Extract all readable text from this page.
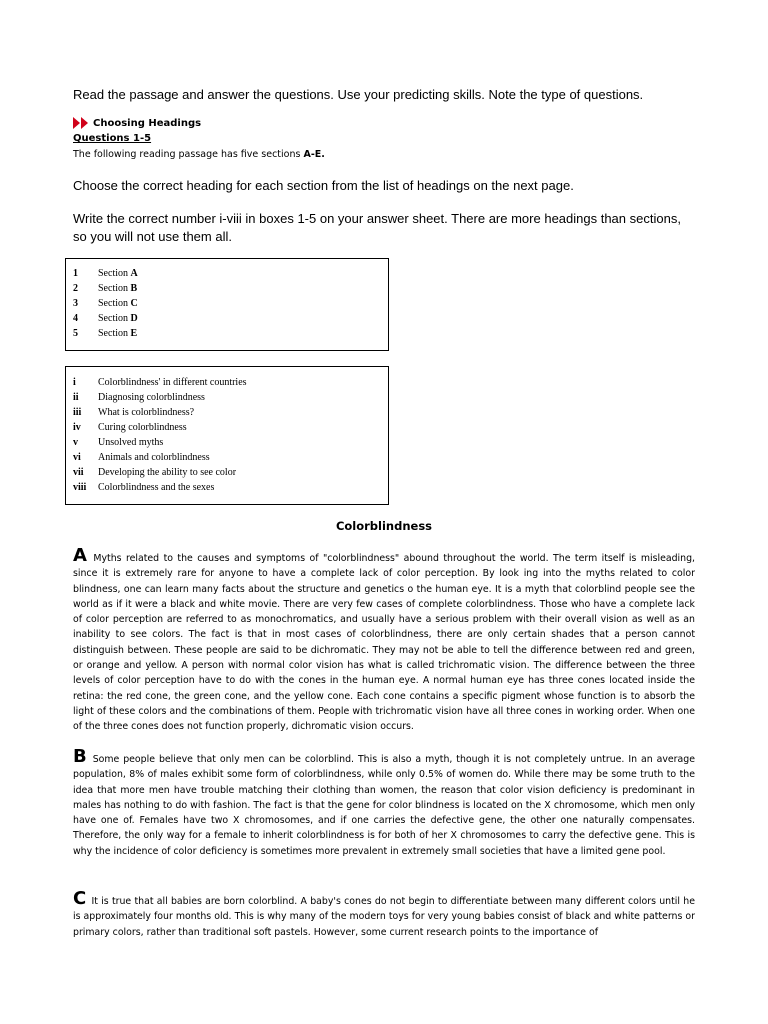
Read the passage and answer the questions. Use your predicting skills. Note the type of questions.
Choosing Headings
Questions 1-5
The following reading passage has five sections A-E.
Choose the correct heading for each section from the list of headings on the next page.
Write the correct number i-viii in boxes 1-5 on your answer sheet. There are more headings than sections, so you will not use them all.
1 Section A
2 Section B
3 Section C
4 Section D
5 Section E
i Colorblindness' in different countries
ii Diagnosing colorblindness
iii What is colorblindness?
iv Curing colorblindness
v Unsolved myths
vi Animals and colorblindness
vii Developing the ability to see color
viii Colorblindness and the sexes
Colorblindness
A Myths related to the causes and symptoms of "colorblindness" abound throughout the world. The term itself is misleading, since it is extremely rare for anyone to have a complete lack of color perception. By look ing into the myths related to color blindness, one can learn many facts about the structure and genetics o the human eye. It is a myth that colorblind people see the world as if it were a black and white movie. There are very few cases of complete colorblindness. Those who have a complete lack of color perception are referred to as monochromatics, and usually have a serious problem with their overall vision as well as an inability to see colors. The fact is that in most cases of colorblindness, there are only certain shades that a person cannot distinguish between. These people are said to be dichromatic. They may not be able to tell the difference between red and green, or orange and yellow. A person with normal color vision has what is called trichromatic vision. The difference between the three levels of color perception have to do with the cones in the human eye. A normal human eye has three cones located inside the retina: the red cone, the green cone, and the yellow cone. Each cone contains a specific pigment whose function is to absorb the light of these colors and the combinations of them. People with trichromatic vision have all three cones in working order. When one of the three cones does not function properly, dichromatic vision occurs.
B Some people believe that only men can be colorblind. This is also a myth, though it is not completely untrue. In an average population, 8% of males exhibit some form of colorblindness, while only 0.5% of women do. While there may be some truth to the idea that more men have trouble matching their clothing than women, the reason that color vision deficiency is predominant in males has nothing to do with fashion. The fact is that the gene for color blindness is located on the X chromosome, which men only have one of. Females have two X chromosomes, and if one carries the defective gene, the other one naturally compensates. Therefore, the only way for a female to inherit colorblindness is for both of her X chromosomes to carry the defective gene. This is why the incidence of color deficiency is sometimes more prevalent in extremely small societies that have a limited gene pool.
C It is true that all babies are born colorblind. A baby's cones do not begin to differentiate between many different colors until he is approximately four months old. This is why many of the modern toys for very young babies consist of black and white patterns or primary colors, rather than traditional soft pastels. However, some current research points to the importance of
